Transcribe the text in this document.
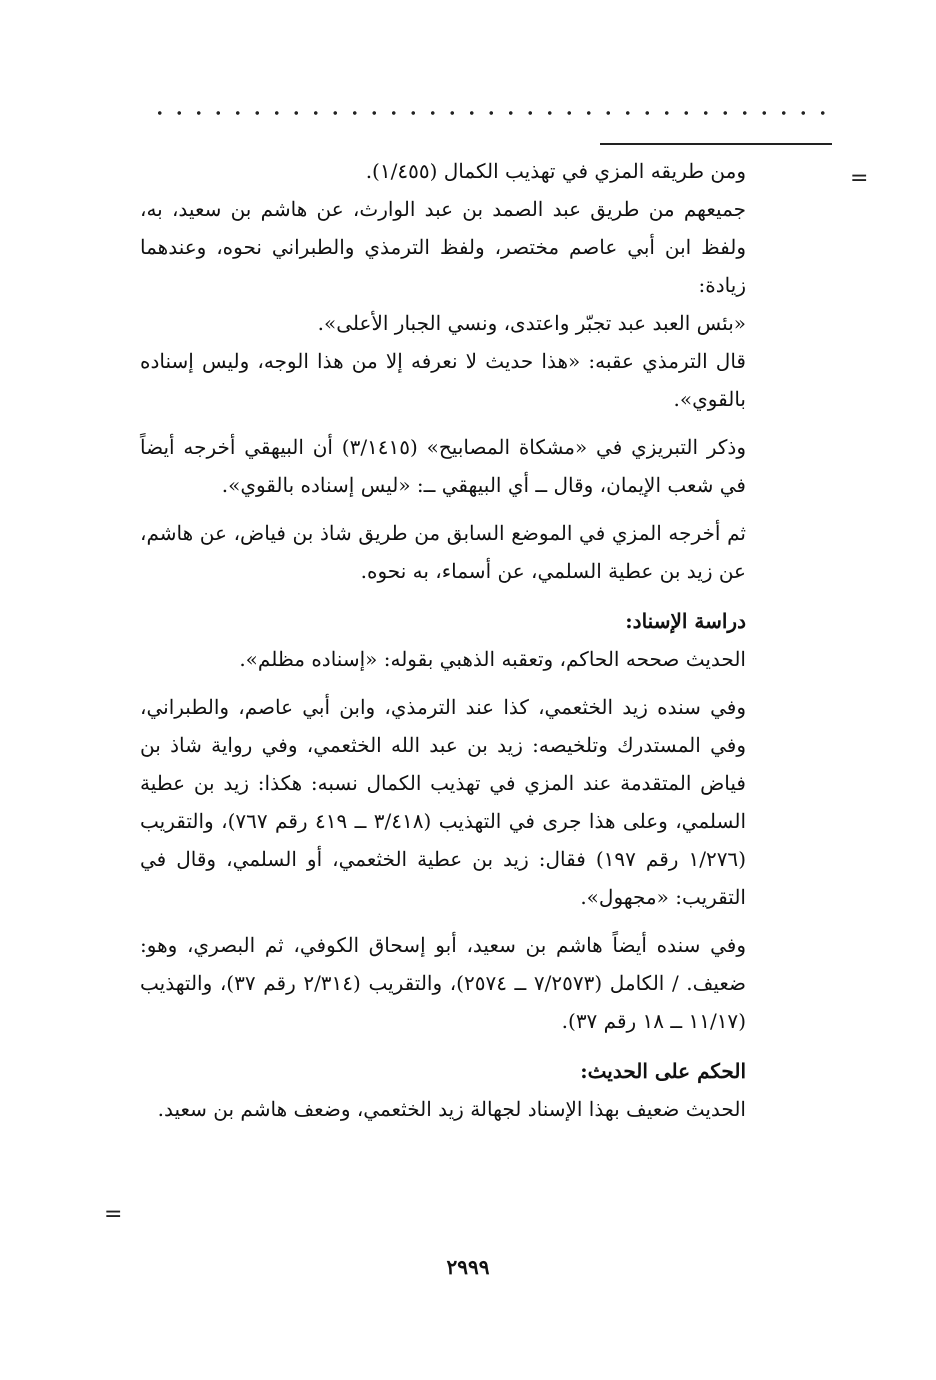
=
=

ومن طريقه المزي في تهذيب الكمال (١/٤٥٥).

جميعهم من طريق عبد الصمد بن عبد الوارث، عن هاشم بن سعيد، به، ولفظ ابن أبي عاصم مختصر، ولفظ الترمذي والطبراني نحوه، وعندهما زيادة:

«بئس العبد عبد تجبّر واعتدى، ونسي الجبار الأعلى».

قال الترمذي عقبه: «هذا حديث لا نعرفه إلا من هذا الوجه، وليس إسناده بالقوي».

وذكر التبريزي في «مشكاة المصابيح» (٣/١٤١٥) أن البيهقي أخرجه أيضاً في شعب الإيمان، وقال ــ أي البيهقي ــ: «ليس إسناده بالقوي».

ثم أخرجه المزي في الموضع السابق من طريق شاذ بن فياض، عن هاشم، عن زيد بن عطية السلمي، عن أسماء، به نحوه.

دراسة الإسناد:

الحديث صححه الحاكم، وتعقبه الذهبي بقوله: «إسناده مظلم».

وفي سنده زيد الخثعمي، كذا عند الترمذي، وابن أبي عاصم، والطبراني، وفي المستدرك وتلخيصه: زيد بن عبد الله الخثعمي، وفي رواية شاذ بن فياض المتقدمة عند المزي في تهذيب الكمال نسبه: هكذا: زيد بن عطية السلمي، وعلى هذا جرى في التهذيب (٣/٤١٨ ــ ٤١٩ رقم ٧٦٧)، والتقريب (١/٢٧٦ رقم ١٩٧) فقال: زيد بن عطية الخثعمي، أو السلمي، وقال في التقريب: «مجهول».

وفي سنده أيضاً هاشم بن سعيد، أبو إسحاق الكوفي، ثم البصري، وهو: ضعيف. / الكامل (٧/٢٥٧٣ ــ ٢٥٧٤)، والتقريب (٢/٣١٤ رقم ٣٧)، والتهذيب (١١/١٧ ــ ١٨ رقم ٣٧).

الحكم على الحديث:

الحديث ضعيف بهذا الإسناد لجهالة زيد الخثعمي، وضعف هاشم بن سعيد.

٢٩٩٩
